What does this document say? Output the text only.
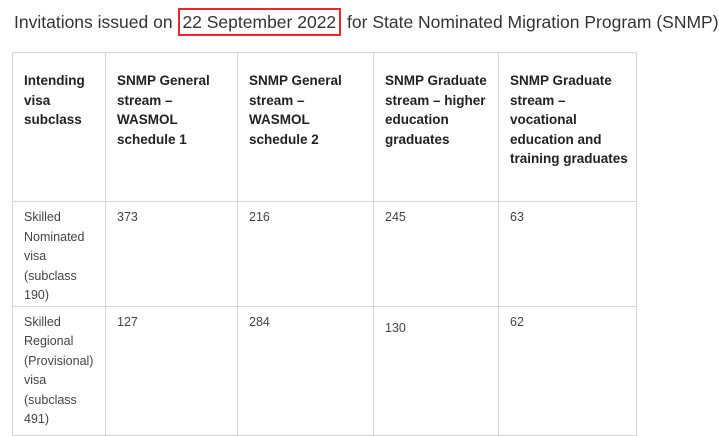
Invitations issued on 22 September 2022 for State Nominated Migration Program (SNMP)
Intending visa subclass	SNMP General stream – WASMOL schedule 1	SNMP General stream –WASMOL schedule 2	SNMP Graduate stream – higher education graduates	SNMP Graduate stream – vocational education and training graduates
Skilled Nominated visa (subclass 190)	373	216	245	63
Skilled Regional (Provisional) visa (subclass 491)	127	284	130	62
